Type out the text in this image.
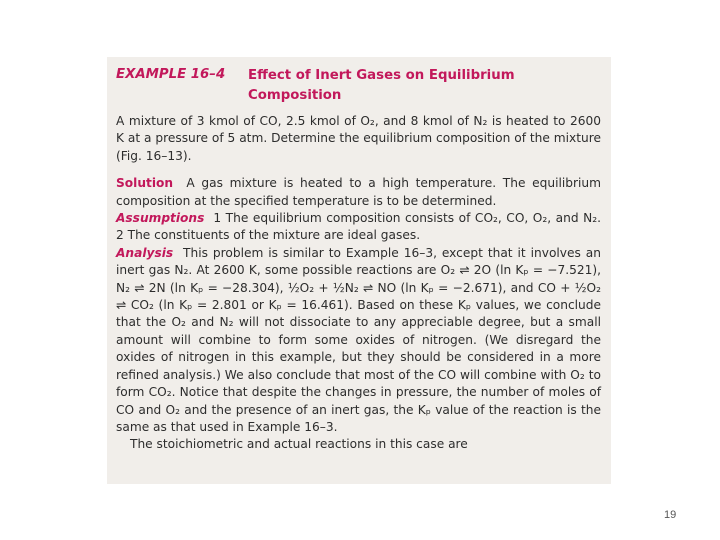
EXAMPLE 16–4	Effect of Inert Gases on Equilibrium Composition

A mixture of 3 kmol of CO, 2.5 kmol of O₂, and 8 kmol of N₂ is heated to 2600 K at a pressure of 5 atm. Determine the equilibrium composition of the mixture (Fig. 16–13).

Solution A gas mixture is heated to a high temperature. The equilibrium composition at the specified temperature is to be determined.

Assumptions 1 The equilibrium composition consists of CO₂, CO, O₂, and N₂. 2 The constituents of the mixture are ideal gases.

Analysis This problem is similar to Example 16–3, except that it involves an inert gas N₂. At 2600 K, some possible reactions are O₂ ⇌ 2O (ln Kₚ = −7.521), N₂ ⇌ 2N (ln Kₚ = −28.304), ½O₂ + ½N₂ ⇌ NO (ln Kₚ = −2.671), and CO + ½O₂ ⇌ CO₂ (ln Kₚ = 2.801 or Kₚ = 16.461). Based on these Kₚ values, we conclude that the O₂ and N₂ will not dissociate to any appreciable degree, but a small amount will combine to form some oxides of nitrogen. (We disregard the oxides of nitrogen in this example, but they should be considered in a more refined analysis.) We also conclude that most of the CO will combine with O₂ to form CO₂. Notice that despite the changes in pressure, the number of moles of CO and O₂ and the presence of an inert gas, the Kₚ value of the reaction is the same as that used in Example 16–3.

The stoichiometric and actual reactions in this case are

19
